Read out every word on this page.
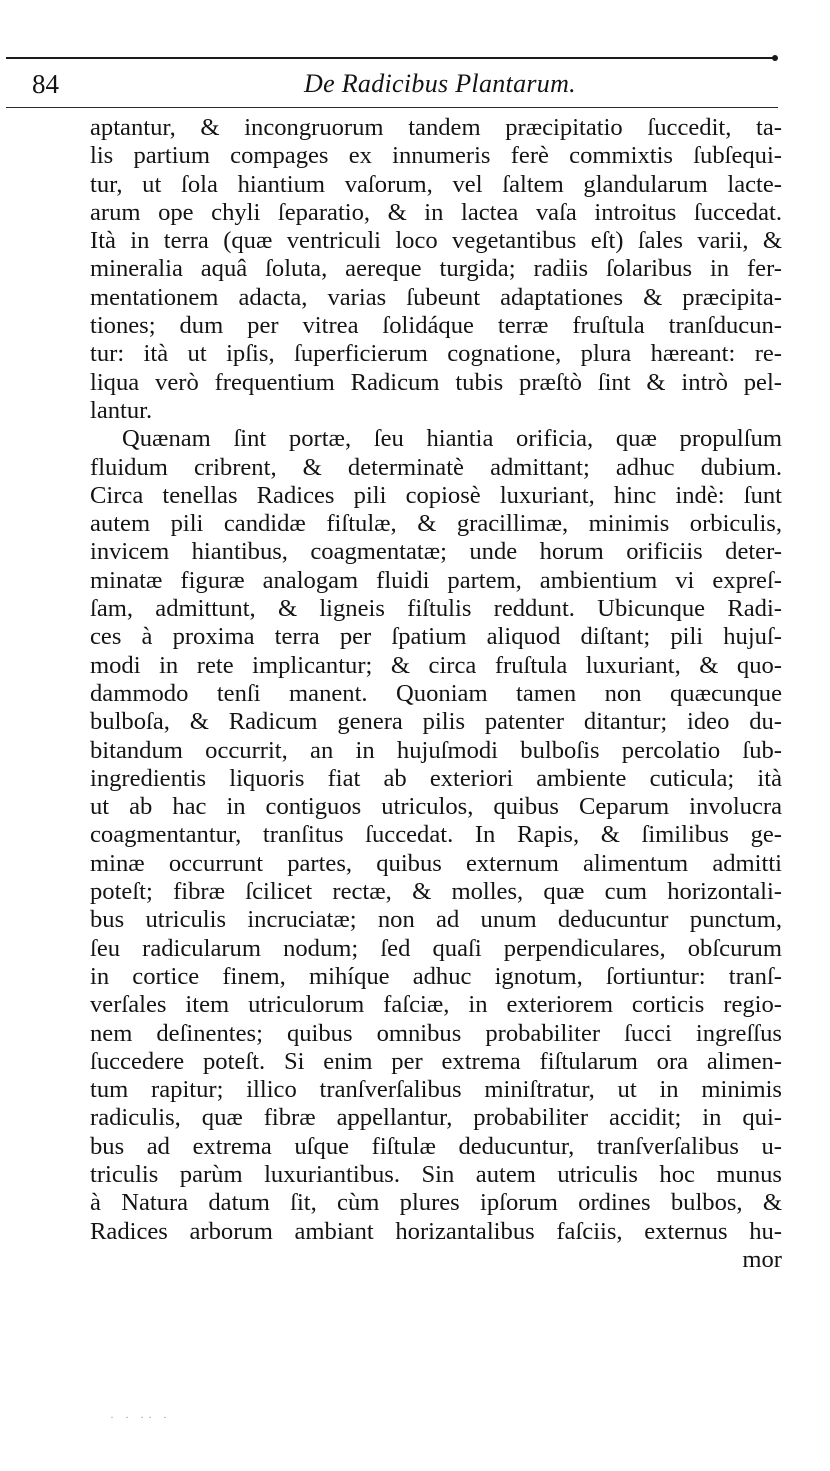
84	De Radicibus Plantarum.
aptantur, & incongruorum tandem præcipitatio ſuccedit, ta-
lis partium compages ex innumeris ferè commixtis ſubſequi-
tur, ut ſola hiantium vaſorum, vel ſaltem glandularum lacte-
arum ope chyli ſeparatio, & in lactea vaſa introitus ſuccedat.
Ità in terra (quæ ventriculi loco vegetantibus eſt) ſales varii, &
mineralia aquâ ſoluta, aereque turgida; radiis ſolaribus in fer-
mentationem adacta, varias ſubeunt adaptationes & præcipita-
tiones; dum per vitrea ſolidáque terræ fruſtula tranſducun-
tur: ità ut ipſis, ſuperficierum cognatione, plura hæreant: re-
liqua verò frequentium Radicum tubis præſtò ſint & intrò pel-
lantur.
Quænam ſint portæ, ſeu hiantia orificia, quæ propulſum
fluidum cribrent, & determinatè admittant; adhuc dubium.
Circa tenellas Radices pili copiosè luxuriant, hinc indè: ſunt
autem pili candidæ fiſtulæ, & gracillimæ, minimis orbiculis,
invicem hiantibus, coagmentatæ; unde horum orificiis deter-
minatæ figuræ analogam fluidi partem, ambientium vi expreſ-
ſam, admittunt, & ligneis fiſtulis reddunt. Ubicunque Radi-
ces à proxima terra per ſpatium aliquod diſtant; pili hujuſ-
modi in rete implicantur; & circa fruſtula luxuriant, & quo-
dammodo tenſi manent. Quoniam tamen non quæcunque
bulboſa, & Radicum genera pilis patenter ditantur; ideo du-
bitandum occurrit, an in hujuſmodi bulboſis percolatio ſub-
ingredientis liquoris fiat ab exteriori ambiente cuticula; ità
ut ab hac in contiguos utriculos, quibus Ceparum involucra
coagmentantur, tranſitus ſuccedat. In Rapis, & ſimilibus ge-
minæ occurrunt partes, quibus externum alimentum admitti
poteſt; fibræ ſcilicet rectæ, & molles, quæ cum horizontali-
bus utriculis incruciatæ; non ad unum deducuntur punctum,
ſeu radicularum nodum; ſed quaſi perpendiculares, obſcurum
in cortice finem, mihíque adhuc ignotum, ſortiuntur: tranſ-
verſales item utriculorum faſciæ, in exteriorem corticis regio-
nem deſinentes; quibus omnibus probabiliter ſucci ingreſſus
ſuccedere poteſt. Si enim per extrema fiſtularum ora alimen-
tum rapitur; illico tranſverſalibus miniſtratur, ut in minimis
radiculis, quæ fibræ appellantur, probabiliter accidit; in qui-
bus ad extrema uſque fiſtulæ deducuntur, tranſverſalibus u-
triculis parùm luxuriantibus. Sin autem utriculis hoc munus
à Natura datum ſit, cùm plures ipſorum ordines bulbos, &
Radices arborum ambiant horizantalibus faſciis, externus hu-
mor
· · ·· ·
